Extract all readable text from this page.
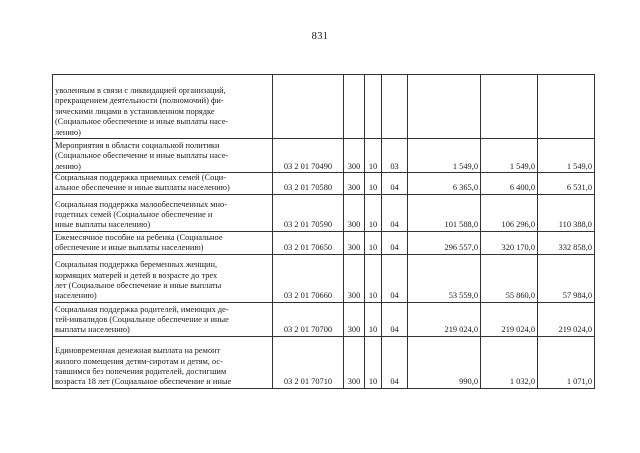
831
уволенным в связи с ликвидацией организаций,
прекращением деятельности (полномочий) фи-
зическими лицами в установленном порядке
(Социальное обеспечение и иные выплаты насе-
лению)							

Мероприятия в области социальной политики
(Социальное обеспечение и иные выплаты насе-
лению)	03 2 01 70490	300	10	03	1 549,0	1 549,0	1 549,0

Социальная поддержка приемных семей (Соци-
альное обеспечение и иные выплаты населению)	03 2 01 70580	300	10	04	6 365,0	6 400,0	6 531,0

Социальная поддержка малообеспеченных мно-
годетных семей (Социальное обеспечение и
иные выплаты населению)	03 2 01 70590	300	10	04	101 588,0	106 296,0	110 388,0

Ежемесячное пособие на ребенка (Социальное
обеспечение и иные выплаты населению)	03 2 01 70650	300	10	04	296 557,0	320 170,0	332 858,0

Социальная поддержка беременных женщин,
кормящих матерей и детей в возрасте до трех
лет (Социальное обеспечение и иные выплаты
населению)	03 2 01 70660	300	10	04	53 559,0	55 860,0	57 984,0

Социальная поддержка родителей, имеющих де-
тей-инвалидов (Социальное обеспечение и иные
выплаты населению)	03 2 01 70700	300	10	04	219 024,0	219 024,0	219 024,0

Единовременная денежная выплата на ремонт
жилого помещения детям-сиротам и детям, ос-
тавшимся без попечения родителей, достигшим
возраста 18 лет (Социальное обеспечение и иные	03 2 01 70710	300	10	04	990,0	1 032,0	1 071,0
